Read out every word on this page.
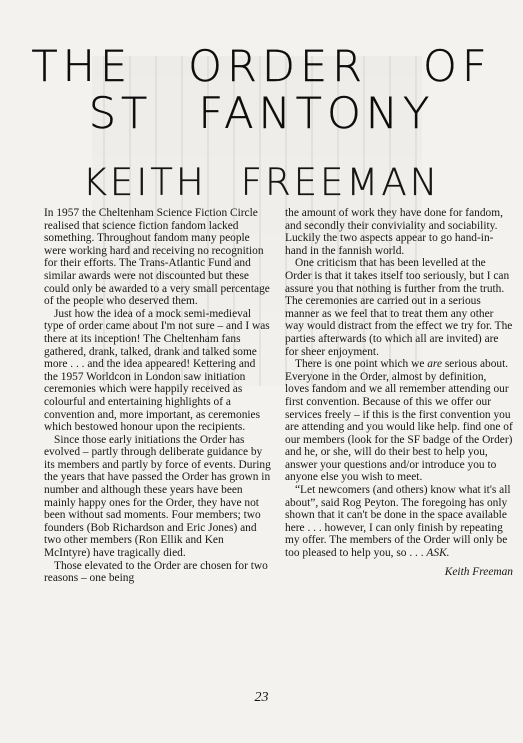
THE ORDER OF
ST FANTONY
KEITH FREEMAN

In 1957 the Cheltenham Science Fiction Circle realised that science fiction fandom lacked something. Throughout fandom many people were working hard and receiving no recognition for their efforts. The Trans-Atlantic Fund and similar awards were not discounted but these could only be awarded to a very small percentage of the people who deserved them.

Just how the idea of a mock semi-medieval type of order came about I'm not sure – and I was there at its inception! The Cheltenham fans gathered, drank, talked, drank and talked some more . . . and the idea appeared! Kettering and the 1957 Worldcon in London saw initiation ceremonies which were happily received as colourful and entertaining highlights of a convention and, more important, as ceremonies which bestowed honour upon the recipients.

Since those early initiations the Order has evolved – partly through deliberate guidance by its members and partly by force of events. During the years that have passed the Order has grown in number and although these years have been mainly happy ones for the Order, they have not been without sad moments. Four members; two founders (Bob Richardson and Eric Jones) and two other members (Ron Ellik and Ken McIntyre) have tragically died.

Those elevated to the Order are chosen for two reasons – one being

the amount of work they have done for fandom, and secondly their conviviality and sociability. Luckily the two aspects appear to go hand-in-hand in the fannish world.

One criticism that has been levelled at the Order is that it takes itself too seriously, but I can assure you that nothing is further from the truth. The ceremonies are carried out in a serious manner as we feel that to treat them any other way would distract from the effect we try for. The parties afterwards (to which all are invited) are for sheer enjoyment.

There is one point which we are serious about. Everyone in the Order, almost by definition, loves fandom and we all remember attending our first convention. Because of this we offer our services freely – if this is the first convention you are attending and you would like help. find one of our members (look for the SF badge of the Order) and he, or she, will do their best to help you, answer your questions and/or introduce you to anyone else you wish to meet.

“Let newcomers (and others) know what it's all about”, said Rog Peyton. The foregoing has only shown that it can't be done in the space available here . . . however, I can only finish by repeating my offer. The members of the Order will only be too pleased to help you, so . . . ASK.

Keith Freeman

23
